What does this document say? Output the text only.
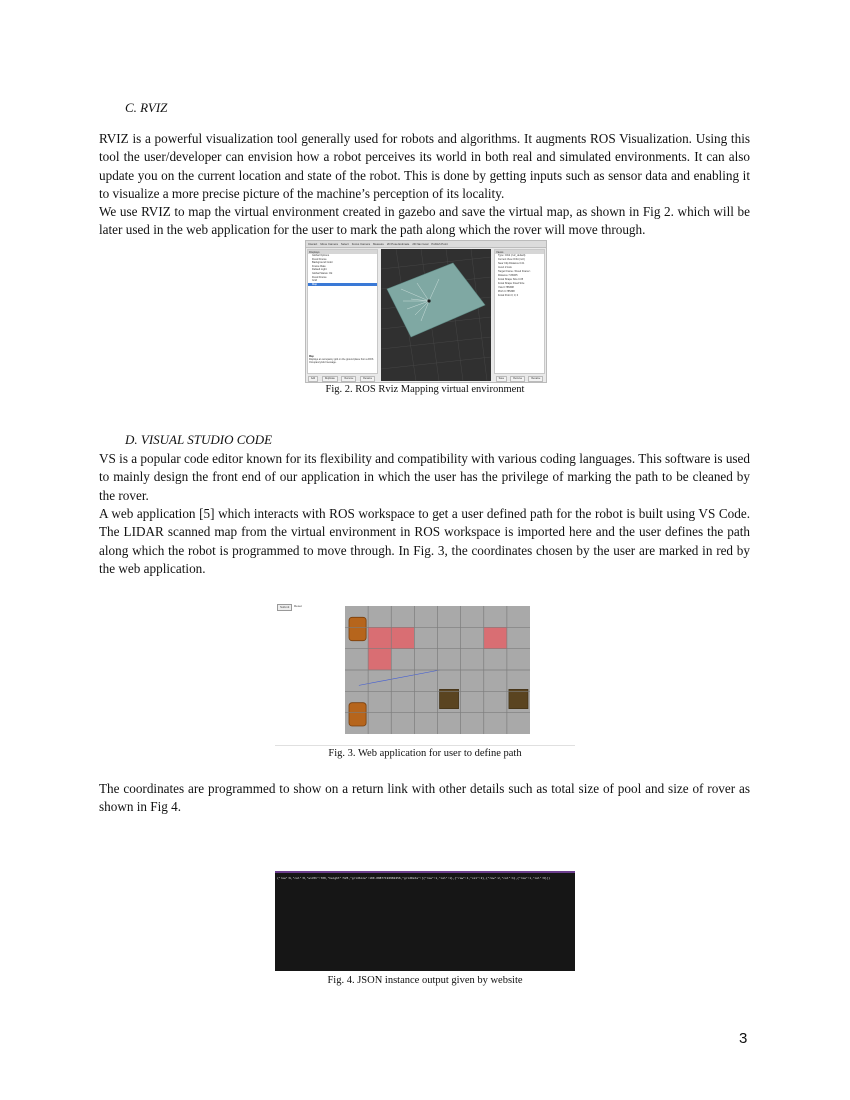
C. RVIZ

RVIZ is a powerful visualization tool generally used for robots and algorithms. It augments ROS Visualization. Using this tool the user/developer can envision how a robot perceives its world in both real and simulated environments. It can also update you on the current location and state of the robot. This is done by getting inputs such as sensor data and enabling it to visualize a more precise picture of the machine’s perception of its locality.

We use RVIZ to map the virtual environment created in gazebo and save the virtual map, as shown in Fig 2. which will be later used in the web application for the user to mark the path along which the rover will move through.

Interact Move Camera Select Focus Camera Measure 2D Pose Estimate 2D Nav Goal Publish Point
Displays
Global Options
Fixed Frame
Background Color
Frame Rate
Default Light
Global Status: Ok
Fixed Frame
Grid
Map
Map
Displays an occupancy grid on the ground plane from a ROS OccupancyGrid message.
Add	Duplicate	Remove	Rename
Views
Type: Orbit (rviz_default)
Current View Orbit (rviz)
Near Clip Distance 0.01
Invert Z Axis
Target Frame <Fixed Frame>
Distance 7.83065
Focal Shape Size 0.05
Focal Shape Fixed Size
Yaw 0.785398
Pitch 0.785398
Focal Point 0; 0; 0
Save	Remove	Rename
Fig. 2. ROS Rviz Mapping virtual environment
D. VISUAL STUDIO CODE

VS is a popular code editor known for its flexibility and compatibility with various coding languages. This software is used to mainly design the front end of our application in which the user has the privilege of marking the path to be cleaned by the rover.

A web application [5] which interacts with ROS workspace to get a user defined path for the robot is built using VS Code. The LIDAR scanned map from the virtual environment in ROS workspace is imported here and the user defines the path along which the robot is programmed to move through. In Fig. 3, the coordinates chosen by the user are marked in red by the web application.

Submit	Reset
Fig. 3. Web application for user to define path

The coordinates are programmed to show on a return link with other details such as total size of pool and size of rover as shown in Fig 4.

{"row":6,"col":8,"width":700,"height":525,"gridSize":100.00877192982456,"gridData":[{"row":1,"col":1},{"row":1,"col":2},{"row":2,"col":1},{"row":1,"col":6}]}
Fig. 4. JSON instance output given by website
3
